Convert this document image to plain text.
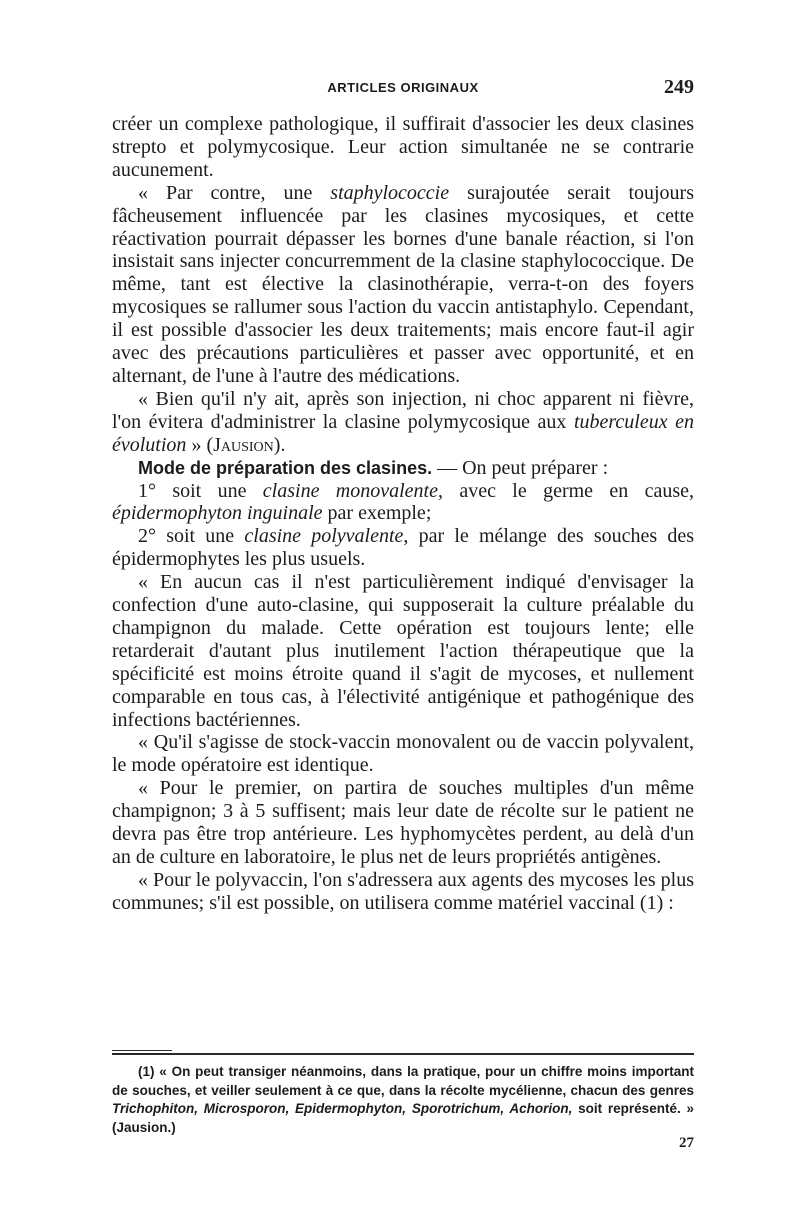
ARTICLES ORIGINAUX	249

créer un complexe pathologique, il suffirait d'associer les deux clasines strepto et polymycosique. Leur action simultanée ne se contrarie aucunement.

« Par contre, une staphylococcie surajoutée serait toujours fâcheusement influencée par les clasines mycosiques, et cette réactivation pourrait dépasser les bornes d'une banale réaction, si l'on insistait sans injecter concurremment de la clasine staphylococcique. De même, tant est élective la clasinothérapie, verra-t-on des foyers mycosiques se rallumer sous l'action du vaccin antistaphylo. Cependant, il est possible d'associer les deux traitements; mais encore faut-il agir avec des précautions particulières et passer avec opportunité, et en alternant, de l'une à l'autre des médications.

« Bien qu'il n'y ait, après son injection, ni choc apparent ni fièvre, l'on évitera d'administrer la clasine polymycosique aux tuberculeux en évolution » (Jausion).

Mode de préparation des clasines. — On peut préparer :

1° soit une clasine monovalente, avec le germe en cause, épidermophyton inguinale par exemple;

2° soit une clasine polyvalente, par le mélange des souches des épidermophytes les plus usuels.

« En aucun cas il n'est particulièrement indiqué d'envisager la confection d'une auto-clasine, qui supposerait la culture préalable du champignon du malade. Cette opération est toujours lente; elle retarderait d'autant plus inutilement l'action thérapeutique que la spécificité est moins étroite quand il s'agit de mycoses, et nullement comparable en tous cas, à l'électivité antigénique et pathogénique des infections bactériennes.

« Qu'il s'agisse de stock-vaccin monovalent ou de vaccin polyvalent, le mode opératoire est identique.

« Pour le premier, on partira de souches multiples d'un même champignon; 3 à 5 suffisent; mais leur date de récolte sur le patient ne devra pas être trop antérieure. Les hyphomycètes perdent, au delà d'un an de culture en laboratoire, le plus net de leurs propriétés antigènes.

« Pour le polyvaccin, l'on s'adressera aux agents des mycoses les plus communes; s'il est possible, on utilisera comme matériel vaccinal (1) :

(1) « On peut transiger néanmoins, dans la pratique, pour un chiffre moins important de souches, et veiller seulement à ce que, dans la récolte mycélienne, chacun des genres Trichophiton, Microsporon, Epidermophyton, Sporotrichum, Achorion, soit représenté. » (Jausion.)

27
